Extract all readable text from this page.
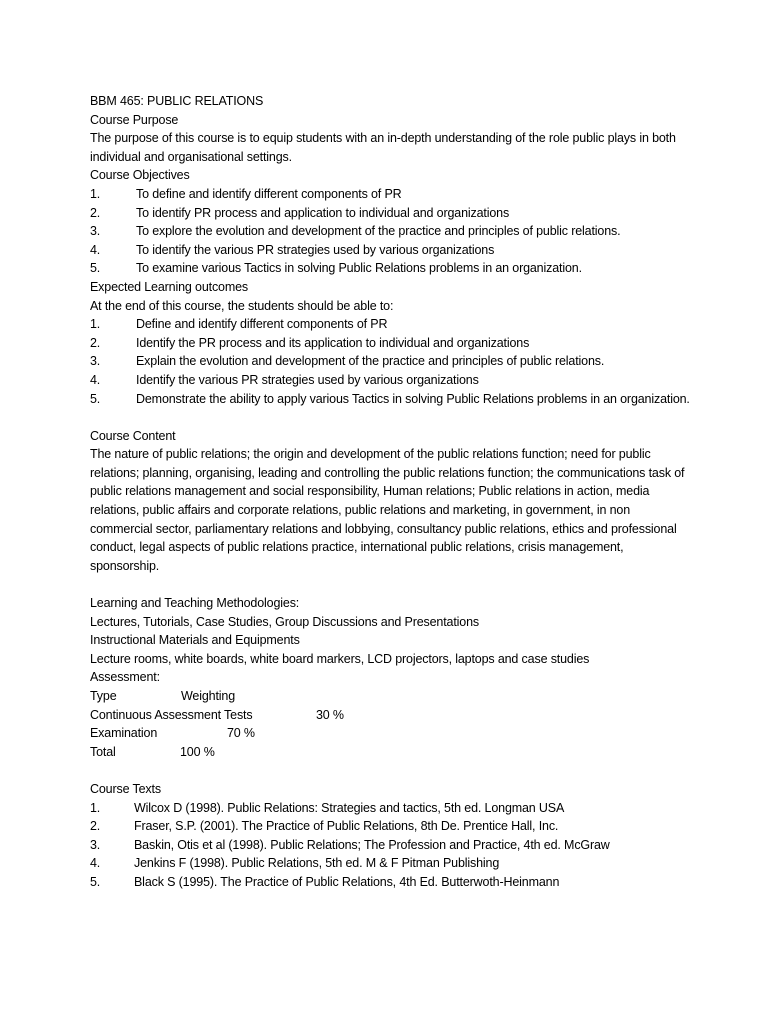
BBM 465: PUBLIC RELATIONS
Course Purpose
The purpose of this course is to equip students with an in-depth understanding of the role public plays in both individual and organisational settings.
Course Objectives
1.	To define and identify different components of PR
2.	To identify PR process and application to individual and organizations
3.	To explore the evolution and development of the practice and principles of public relations.
4.	To identify the various PR strategies used by various organizations
5.	To examine various Tactics in solving Public Relations problems in an organization.
Expected Learning outcomes
At the end of this course, the students should be able to:
1.	Define and identify different components of PR
2.	Identify the PR process and its application to individual and organizations
3.	Explain the evolution and development of the practice and principles of public relations.
4.	Identify the various PR strategies used by various organizations
5.	Demonstrate the ability to apply various Tactics in solving Public Relations problems in an organization.
Course Content
The nature of public relations; the origin and development of the public relations function; need for public relations; planning, organising, leading and controlling the public relations function; the communications task of public relations management and social responsibility, Human relations; Public relations in action, media relations, public affairs and corporate relations, public relations and marketing, in government, in non commercial sector, parliamentary relations and lobbying, consultancy public relations, ethics and professional conduct, legal aspects of public relations practice, international public relations, crisis management, sponsorship.
Learning and Teaching Methodologies:
Lectures, Tutorials, Case Studies, Group Discussions and Presentations
Instructional Materials and Equipments
Lecture rooms, white boards, white board markers, LCD projectors, laptops and case studies
Assessment:
Type	Weighting
Continuous Assessment Tests	30 %
Examination	70 %
Total	100 %
Course Texts
1.	Wilcox D (1998). Public Relations: Strategies and tactics, 5th ed. Longman USA
2.	Fraser, S.P. (2001). The Practice of Public Relations, 8th De. Prentice Hall, Inc.
3.	Baskin, Otis et al (1998). Public Relations; The Profession and Practice, 4th ed. McGraw
4.	Jenkins F (1998). Public Relations, 5th ed. M & F Pitman Publishing
5.	Black S (1995). The Practice of Public Relations, 4th Ed. Butterwoth-Heinmann
